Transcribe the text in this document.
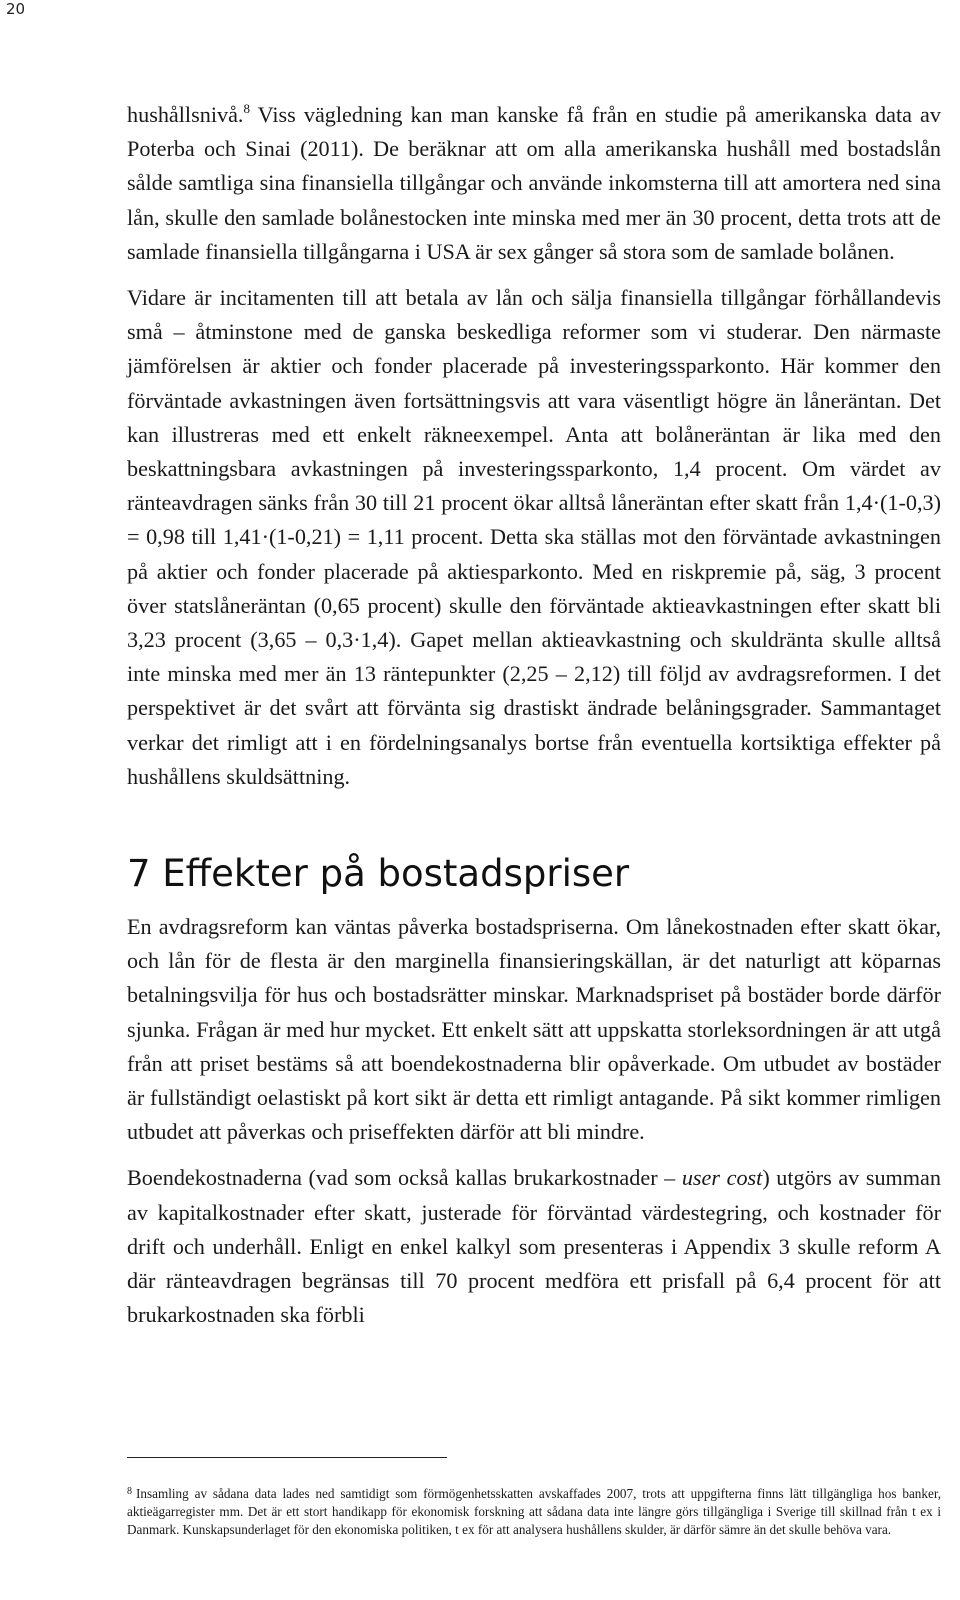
20

hushållsnivå.$^8$ Viss vägledning kan man kanske få från en studie på amerikanska data av Poterba och Sinai (2011). De beräknar att om alla amerikanska hushåll med bostadslån sålde samtliga sina finansiella tillgångar och använde inkomsterna till att amortera ned sina lån, skulle den samlade bolånestocken inte minska med mer än 30 procent, detta trots att de samlade finansiella tillgångarna i USA är sex gånger så stora som de samlade bolånen.

Vidare är incitamenten till att betala av lån och sälja finansiella tillgångar förhållandevis små – åtminstone med de ganska beskedliga reformer som vi studerar. Den närmaste jämförelsen är aktier och fonder placerade på investeringssparkonto. Här kommer den förväntade avkastningen även fortsättningsvis att vara väsentligt högre än låneräntan. Det kan illustreras med ett enkelt räkneexempel. Anta att bolåneräntan är lika med den beskattningsbara avkastningen på investeringssparkonto, 1,4 procent. Om värdet av ränteavdragen sänks från 30 till 21 procent ökar alltså låneräntan efter skatt från 1,4·(1-0,3) = 0,98 till 1,41·(1-0,21) = 1,11 procent. Detta ska ställas mot den förväntade avkastningen på aktier och fonder placerade på aktiesparkonto. Med en riskpremie på, säg, 3 procent över statslåneräntan (0,65 procent) skulle den förväntade aktieavkastningen efter skatt bli 3,23 procent (3,65 – 0,3·1,4). Gapet mellan aktieavkastning och skuldränta skulle alltså inte minska med mer än 13 räntepunkter (2,25 – 2,12) till följd av avdragsreformen. I det perspektivet är det svårt att förvänta sig drastiskt ändrade belåningsgrader. Sammantaget verkar det rimligt att i en fördelningsanalys bortse från eventuella kortsiktiga effekter på hushållens skuldsättning.

7 Effekter på bostadspriser

En avdragsreform kan väntas påverka bostadspriserna. Om lånekostnaden efter skatt ökar, och lån för de flesta är den marginella finansieringskällan, är det naturligt att köparnas betalningsvilja för hus och bostadsrätter minskar. Marknadspriset på bostäder borde därför sjunka. Frågan är med hur mycket. Ett enkelt sätt att uppskatta storleksordningen är att utgå från att priset bestäms så att boendekostnaderna blir opåverkade. Om utbudet av bostäder är fullständigt oelastiskt på kort sikt är detta ett rimligt antagande. På sikt kommer rimligen utbudet att påverkas och priseffekten därför att bli mindre.

Boendekostnaderna (vad som också kallas brukarkostnader – user cost) utgörs av summan av kapitalkostnader efter skatt, justerade för förväntad värdestegring, och kostnader för drift och underhåll. Enligt en enkel kalkyl som presenteras i Appendix 3 skulle reform A där ränteavdragen begränsas till 70 procent medföra ett prisfall på 6,4 procent för att brukarkostnaden ska förbli

$^8$ Insamling av sådana data lades ned samtidigt som förmögenhetsskatten avskaffades 2007, trots att uppgifterna finns lätt tillgängliga hos banker, aktieägarregister mm. Det är ett stort handikapp för ekonomisk forskning att sådana data inte längre görs tillgängliga i Sverige till skillnad från t ex i Danmark. Kunskapsunderlaget för den ekonomiska politiken, t ex för att analysera hushållens skulder, är därför sämre än det skulle behöva vara.
